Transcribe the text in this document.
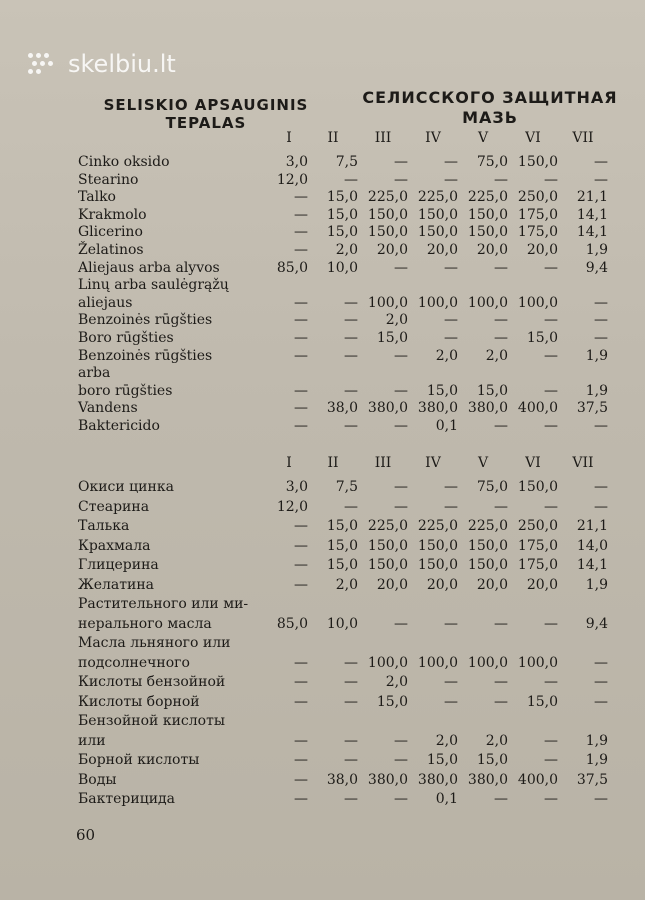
skelbiu.lt
SELISKIO APSAUGINIS
TEPALAS
СЕЛИССКОГО ЗАЩИТНАЯ
МАЗЬ
I	II	III	IV	V	VI	VII
Cinko oksido	3,0	7,5	—	—	75,0 150,0	—
Stearino	12,0	—	—	—	—	—	—
Talko	—	15,0 225,0 225,0 225,0 250,0	21,1
Krakmolo	—	15,0 150,0 150,0 150,0 175,0	14,1
Glicerino	—	15,0 150,0 150,0 150,0 175,0	14,1
Želatinos	—	2,0	20,0	20,0	20,0	20,0	1,9
Aliejaus arba alyvos	85,0	10,0	—	—	—	—	9,4
Linų arba saulėgrąžų
aliejaus	—	— 100,0 100,0 100,0 100,0	—
Benzoinės rūgšties	—	—	2,0	—	—	—	—
Boro rūgšties	—	—	15,0	—	—	15,0	—
Benzoinės rūgšties	—	—	—	2,0	2,0	—	1,9
arba
boro rūgšties	—	—	—	15,0	15,0	—	1,9
Vandens	—	38,0 380,0 380,0 380,0 400,0	37,5
Baktericido	—	—	—	0,1	—	—	—
I	II	III	IV	V	VI	VII
Окиси цинка	3,0	7,5	—	—	75,0 150,0	—
Стеарина	12,0	—	—	—	—	—	—
Талька	—	15,0 225,0 225,0 225,0 250,0	21,1
Крахмала	—	15,0 150,0 150,0 150,0 175,0	14,0
Глицерина	—	15,0 150,0 150,0 150,0 175,0	14,1
Желатина	—	2,0	20,0	20,0	20,0	20,0	1,9
Растительного или ми-
нерального масла	85,0	10,0	—	—	—	—	9,4
Масла льняного или
подсолнечного	—	— 100,0 100,0 100,0 100,0	—
Кислоты бензойной	—	—	2,0	—	—	—	—
Кислоты борной	—	—	15,0	—	—	15,0	—
Бензойной кислоты
или	—	—	—	2,0	2,0	—	1,9
Борной кислоты	—	—	—	15,0	15,0	—	1,9
Воды	—	38,0 380,0 380,0 380,0 400,0	37,5
Бактерицида	—	—	—	0,1	—	—	—
60
